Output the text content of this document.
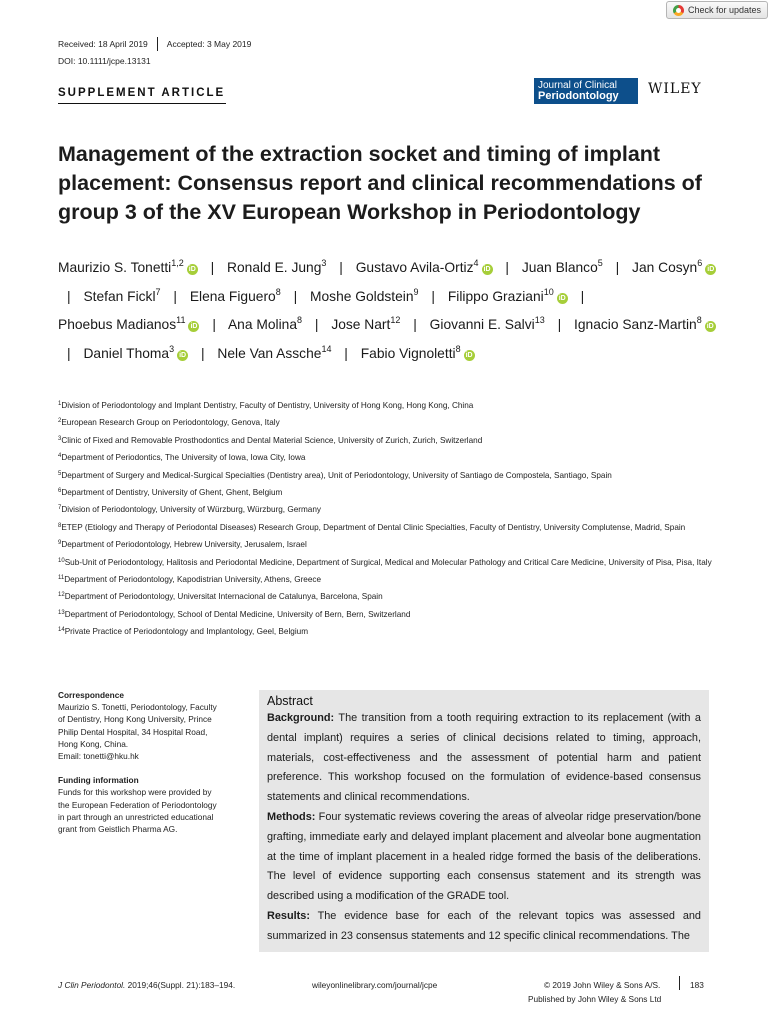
Check for updates
Received: 18 April 2019 Accepted: 3 May 2019
DOI: 10.1111/jcpe.13131
SUPPLEMENT ARTICLE
Journal of Clinical
Periodontology	WILEY
Management of the extraction socket and timing of implant placement: Consensus report and clinical recommendations of group 3 of the XV European Workshop in Periodontology
Maurizio S. Tonetti$^{1,2}$iD | Ronald E. Jung$^3$ | Gustavo Avila-Ortiz$^4$iD | Juan Blanco$^5$ | Jan Cosyn$^6$iD | Stefan Fickl$^7$ | Elena Figuero$^8$ | Moshe Goldstein$^9$ | Filippo Graziani$^{10}$iD | Phoebus Madianos$^{11}$iD | Ana Molina$^8$ | Jose Nart$^{12}$ | Giovanni E. Salvi$^{13}$ | Ignacio Sanz-Martin$^8$iD | Daniel Thoma$^3$iD | Nele Van Assche$^{14}$ | Fabio Vignoletti$^8$iD
$^1$Division of Periodontology and Implant Dentistry, Faculty of Dentistry, University of Hong Kong, Hong Kong, China
$^2$European Research Group on Periodontology, Genova, Italy
$^3$Clinic of Fixed and Removable Prosthodontics and Dental Material Science, University of Zurich, Zurich, Switzerland
$^4$Department of Periodontics, The University of Iowa, Iowa City, Iowa
$^5$Department of Surgery and Medical-Surgical Specialties (Dentistry area), Unit of Periodontology, University of Santiago de Compostela, Santiago, Spain
$^6$Department of Dentistry, University of Ghent, Ghent, Belgium
$^7$Division of Periodontology, University of Würzburg, Würzburg, Germany
$^8$ETEP (Etiology and Therapy of Periodontal Diseases) Research Group, Department of Dental Clinic Specialties, Faculty of Dentistry, University Complutense, Madrid, Spain
$^9$Department of Periodontology, Hebrew University, Jerusalem, Israel
$^{10}$Sub-Unit of Periodontology, Halitosis and Periodontal Medicine, Department of Surgical, Medical and Molecular Pathology and Critical Care Medicine, University of Pisa, Pisa, Italy
$^{11}$Department of Periodontology, Kapodistrian University, Athens, Greece
$^{12}$Department of Periodontology, Universitat Internacional de Catalunya, Barcelona, Spain
$^{13}$Department of Periodontology, School of Dental Medicine, University of Bern, Bern, Switzerland
$^{14}$Private Practice of Periodontology and Implantology, Geel, Belgium
Correspondence
Maurizio S. Tonetti, Periodontology, Faculty
of Dentistry, Hong Kong University, Prince
Philip Dental Hospital, 34 Hospital Road,
Hong Kong, China.
Email: tonetti@hku.hk
Funding information
Funds for this workshop were provided by
the European Federation of Periodontology
in part through an unrestricted educational
grant from Geistlich Pharma AG.
Abstract

Background: The transition from a tooth requiring extraction to its replacement (with a dental implant) requires a series of clinical decisions related to timing, approach, materials, cost-effectiveness and the assessment of potential harm and patient preference. This workshop focused on the formulation of evidence-based consensus statements and clinical recommendations.

Methods: Four systematic reviews covering the areas of alveolar ridge preservation/bone grafting, immediate early and delayed implant placement and alveolar bone augmentation at the time of implant placement in a healed ridge formed the basis of the deliberations. The level of evidence supporting each consensus statement and its strength was described using a modification of the GRADE tool.

Results: The evidence base for each of the relevant topics was assessed and summarized in 23 consensus statements and 12 specific clinical recommendations. The

J Clin Periodontol. 2019;46(Suppl. 21):183–194.	wileyonlinelibrary.com/journal/jcpe	© 2019 John Wiley & Sons A/S.
Published by John Wiley & Sons Ltd
183
